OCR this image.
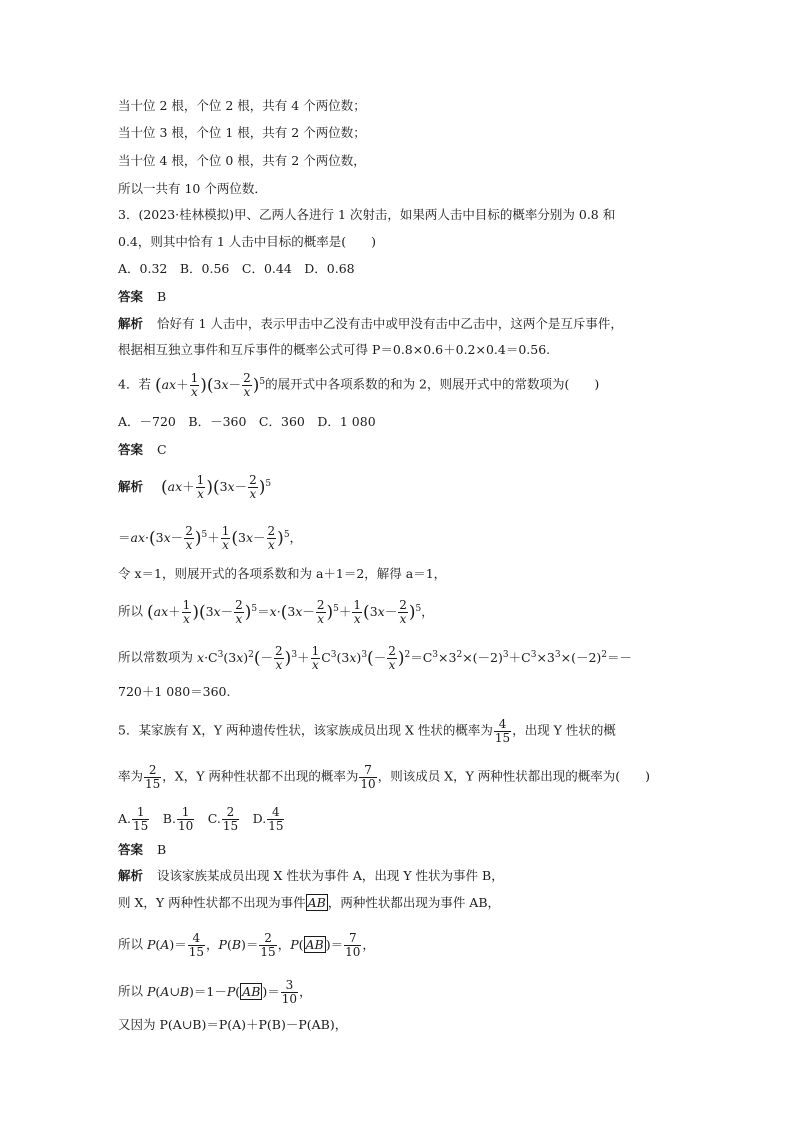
当十位 2 根，个位 2 根，共有 4 个两位数；
当十位 3 根，个位 1 根，共有 2 个两位数；
当十位 4 根，个位 0 根，共有 2 个两位数，
所以一共有 10 个两位数．
3．(2023·桂林模拟)甲、乙两人各进行 1 次射击，如果两人击中目标的概率分别为 0.8 和
0.4，则其中恰有 1 人击中目标的概率是(　　)
A．0.32　B．0.56　C．0.44　D．0.68
答案 B
解析 恰好有 1 人击中，表示甲击中乙没有击中或甲没有击中乙击中，这两个是互斥事件，
根据相互独立事件和互斥事件的概率公式可得 P＝0.8×0.6＋0.2×0.4＝0.56.
4．若 $(ax+ \frac{1}{x} )(3x- \frac{2}{x} )^5$的展开式中各项系数的和为 2，则展开式中的常数项为(　　)
A．－720　B．－360　C．360　D．1 080
答案 C
解析 $(ax+ \frac{1}{x} )(3x- \frac{2}{x} )^5$
$=ax\cdot(3x- \frac{2}{x} )^5+ \frac{1}{x} (3x- \frac{2}{x} )^5$，
令 x＝1，则展开式的各项系数和为 a＋1＝2，解得 a＝1，
所以 $(ax+ \frac{1}{x} )(3x- \frac{2}{x} )^5=x\cdot(3x- \frac{2}{x} )^5+ \frac{1}{x} (3x- \frac{2}{x} )^5$，
所以常数项为 $x\cdot C^3(3x)^2(- \frac{2}{x} )^3+ \frac{1}{x} C^3(3x)^3(- \frac{2}{x} )^2=C^3\times 3^2\times(-2)^3+C^3\times 3^3\times(-2)^2=-$
720＋1 080＝360.
5．某家族有 X，Y 两种遗传性状，该家族成员出现 X 性状的概率为 $\frac{4}{15}$ ，出现 Y 性状的概
率为 $\frac{2}{15}$ ，X，Y 两种性状都不出现的概率为 $\frac{7}{10}$ ，则该成员 X，Y 两种性状都出现的概率为(　　)
A. $\frac{1}{15}$ 　B. $\frac{1}{10}$ 　C. $\frac{2}{15}$ 　D. $\frac{4}{15}$
答案 B
解析 设该家族某成员出现 X 性状为事件 A，出现 Y 性状为事件 B，
则 X，Y 两种性状都不出现为事件 $\overline{AB}$ ，两种性状都出现为事件 AB，
所以 $P(A)= \frac{4}{15}$ ，$P(B)= \frac{2}{15}$ ，P( $\overline{AB}$ )＝ $\frac{7}{10}$ ，
所以 P(A∪B)＝1－P( $\overline{AB}$ )＝ $\frac{3}{10}$ ，
又因为 P(A∪B)＝P(A)＋P(B)－P(AB)，
